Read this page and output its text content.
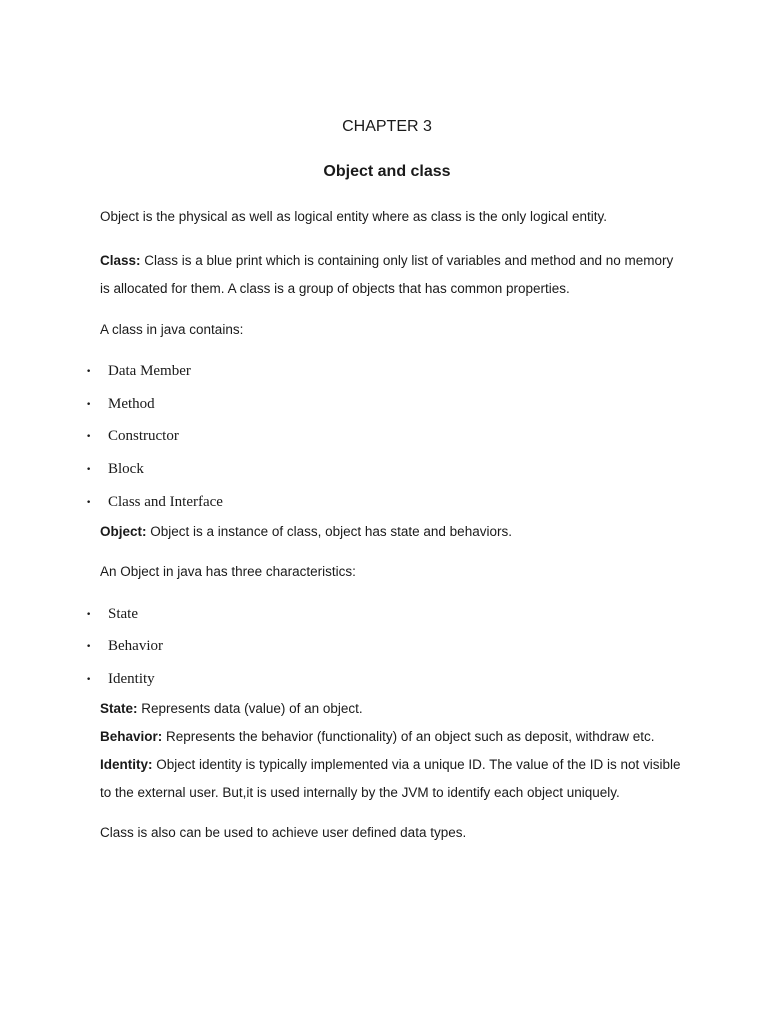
CHAPTER 3
Object and class
Object is the physical as well as logical entity where as class is the only logical entity.
Class: Class is a blue print which is containing only list of variables and method and no memory
is allocated for them. A class is a group of objects that has common properties.
A class in java contains:
• Data Member
• Method
• Constructor
• Block
• Class and Interface
Object: Object is a instance of class, object has state and behaviors.
An Object in java has three characteristics:
• State
• Behavior
• Identity
State: Represents data (value) of an object.
Behavior: Represents the behavior (functionality) of an object such as deposit, withdraw etc.
Identity: Object identity is typically implemented via a unique ID. The value of the ID is not visible
to the external user. But,it is used internally by the JVM to identify each object uniquely.
Class is also can be used to achieve user defined data types.
